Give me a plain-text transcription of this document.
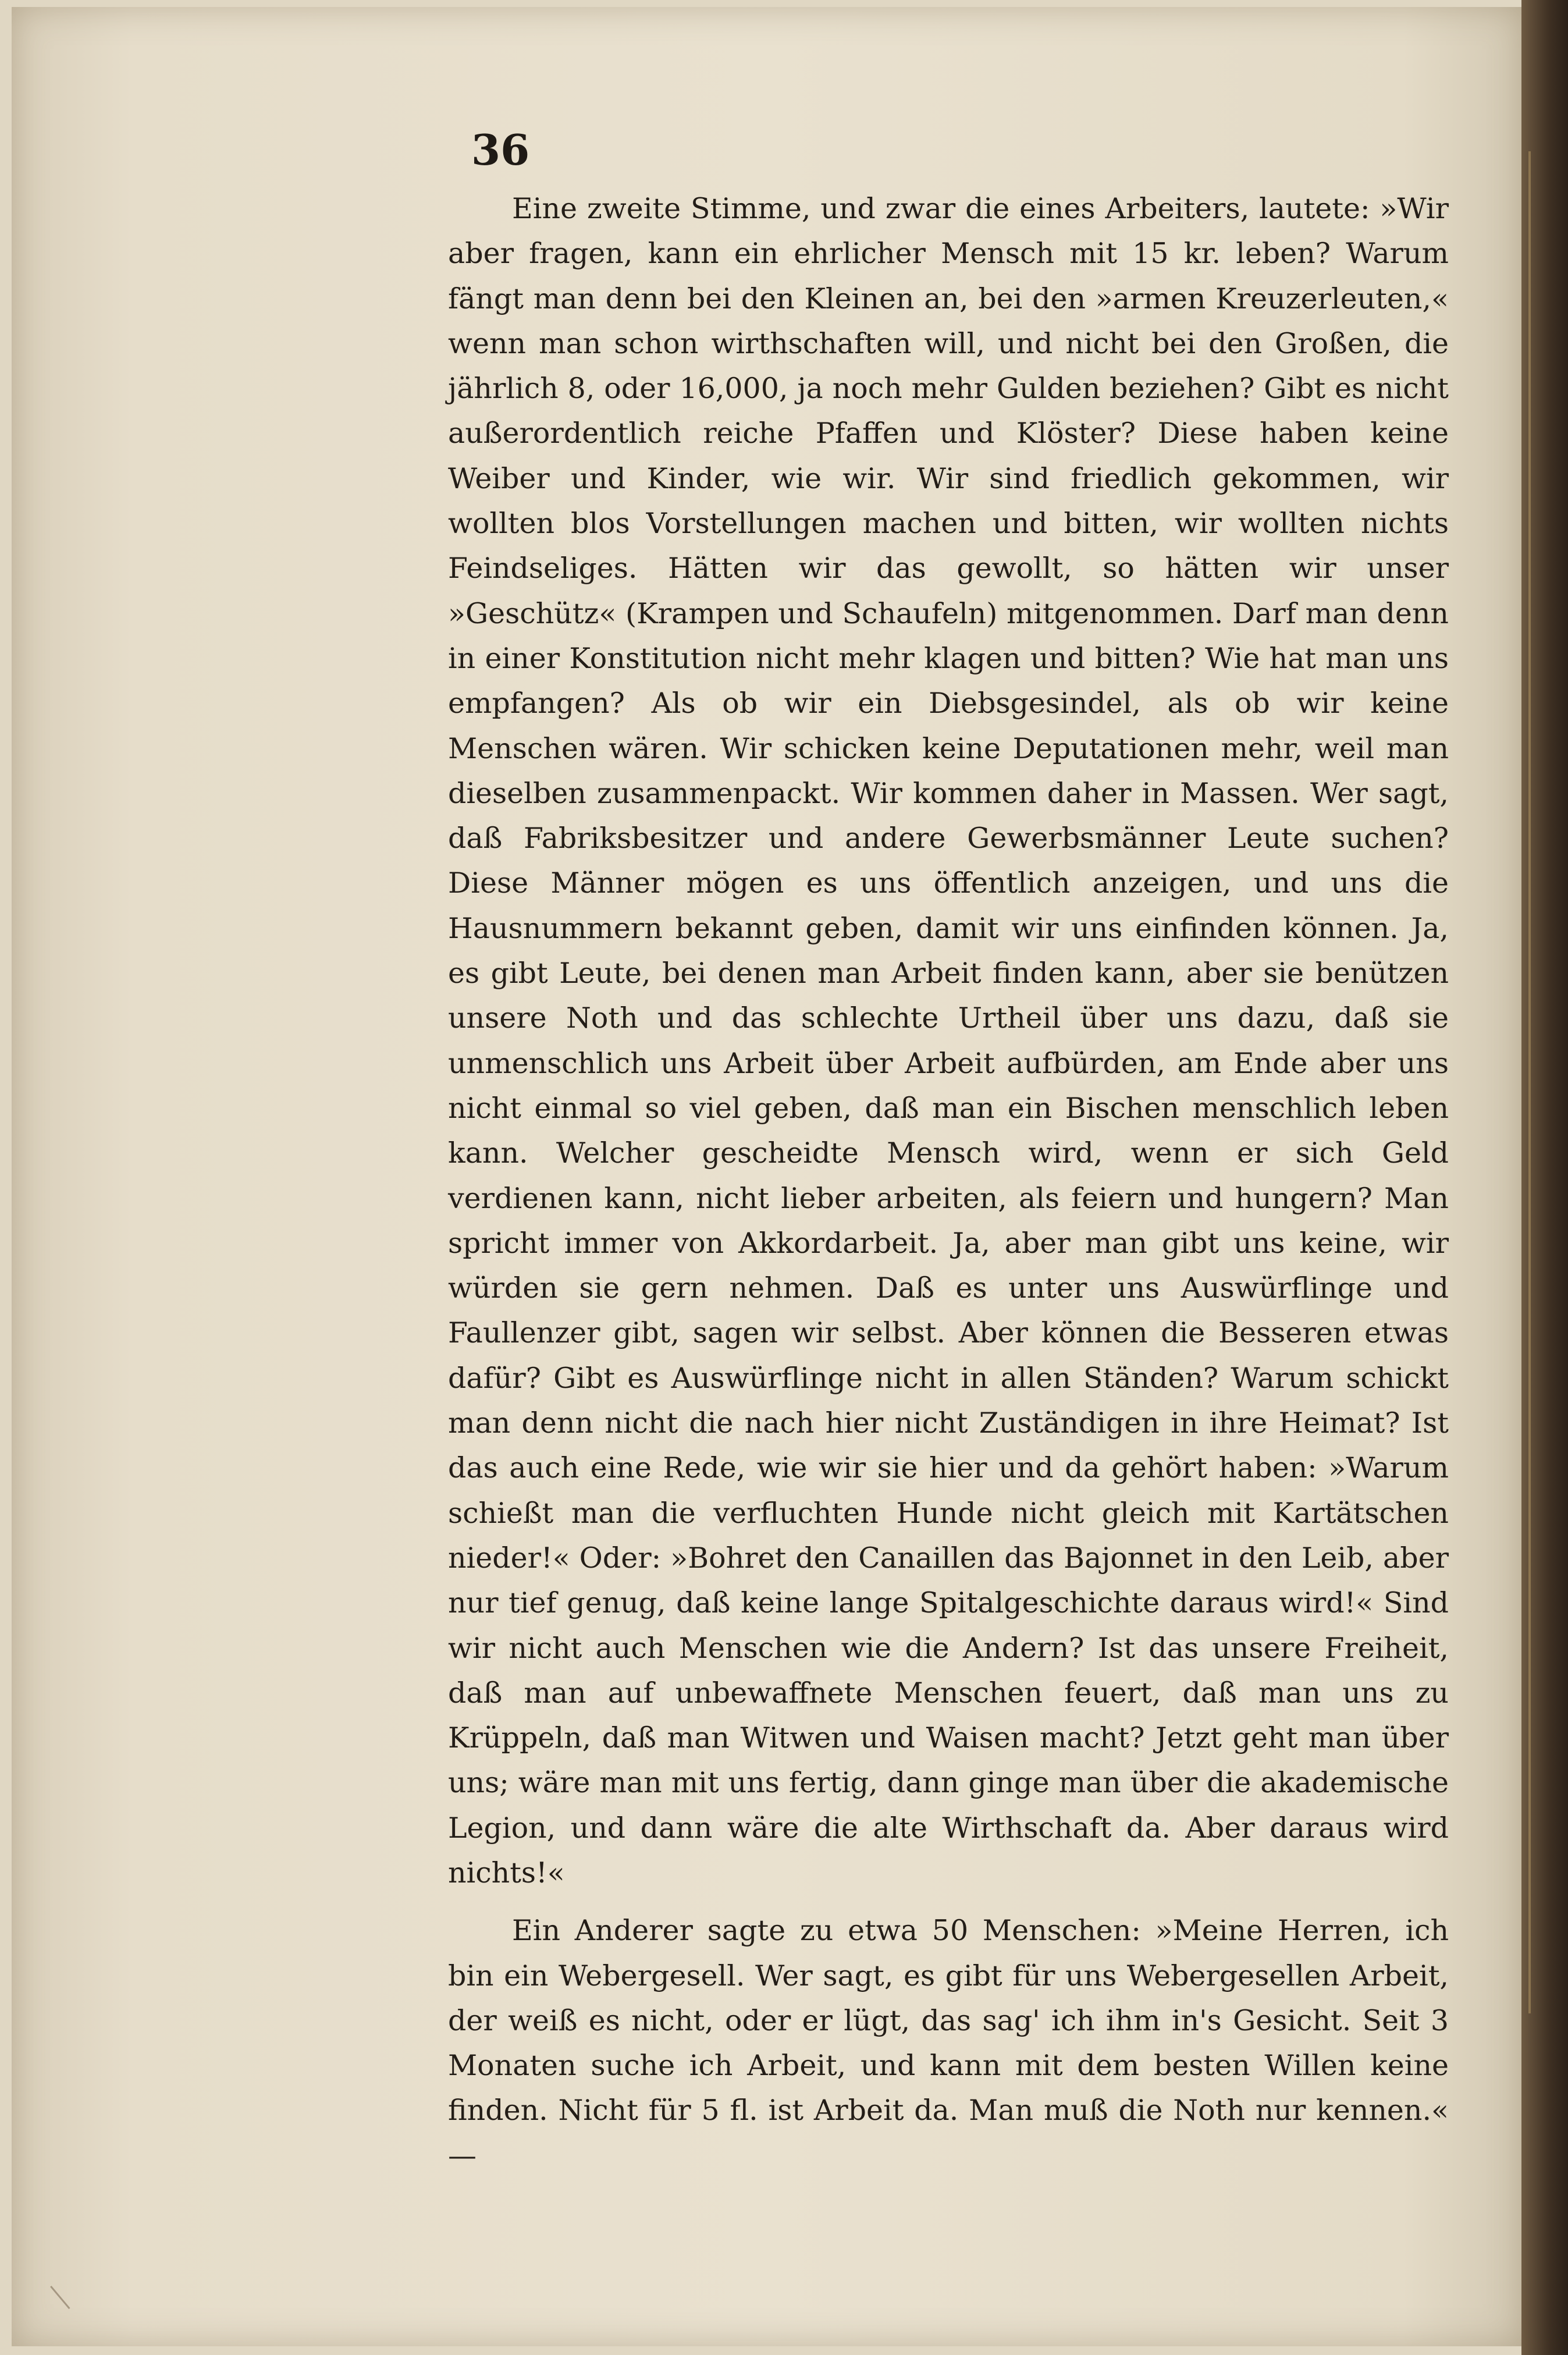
36

Eine zweite Stimme, und zwar die eines Arbeiters, lautete: »Wir aber fragen, kann ein ehrlicher Mensch mit 15 kr. leben? Warum fängt man denn bei den Kleinen an, bei den »armen Kreuzerleuten,« wenn man schon wirthschaften will, und nicht bei den Großen, die jährlich 8, oder 16,000, ja noch mehr Gulden beziehen? Gibt es nicht außerordentlich reiche Pfaffen und Klöster? Diese haben keine Weiber und Kinder, wie wir. Wir sind friedlich gekommen, wir wollten blos Vorstellungen machen und bitten, wir wollten nichts Feindseliges. Hätten wir das gewollt, so hätten wir unser »Geschütz« (Krampen und Schaufeln) mitgenommen. Darf man denn in einer Konstitution nicht mehr klagen und bitten? Wie hat man uns empfangen? Als ob wir ein Diebsgesindel, als ob wir keine Menschen wären. Wir schicken keine Deputationen mehr, weil man dieselben zusammenpackt. Wir kommen daher in Massen. Wer sagt, daß Fabriksbesitzer und andere Gewerbsmänner Leute suchen? Diese Männer mögen es uns öffentlich anzeigen, und uns die Hausnummern bekannt geben, damit wir uns einfinden können. Ja, es gibt Leute, bei denen man Arbeit finden kann, aber sie benützen unsere Noth und das schlechte Urtheil über uns dazu, daß sie unmenschlich uns Arbeit über Arbeit aufbürden, am Ende aber uns nicht einmal so viel geben, daß man ein Bischen menschlich leben kann. Welcher gescheidte Mensch wird, wenn er sich Geld verdienen kann, nicht lieber arbeiten, als feiern und hungern? Man spricht immer von Akkordarbeit. Ja, aber man gibt uns keine, wir würden sie gern nehmen. Daß es unter uns Auswürflinge und Faullenzer gibt, sagen wir selbst. Aber können die Besseren etwas dafür? Gibt es Auswürflinge nicht in allen Ständen? Warum schickt man denn nicht die nach hier nicht Zuständigen in ihre Heimat? Ist das auch eine Rede, wie wir sie hier und da gehört haben: »Warum schießt man die verfluchten Hunde nicht gleich mit Kartätschen nieder!« Oder: »Bohret den Canaillen das Bajonnet in den Leib, aber nur tief genug, daß keine lange Spitalgeschichte daraus wird!« Sind wir nicht auch Menschen wie die Andern? Ist das unsere Freiheit, daß man auf unbewaffnete Menschen feuert, daß man uns zu Krüppeln, daß man Witwen und Waisen macht? Jetzt geht man über uns; wäre man mit uns fertig, dann ginge man über die akademische Legion, und dann wäre die alte Wirthschaft da. Aber daraus wird nichts!«

Ein Anderer sagte zu etwa 50 Menschen: »Meine Herren, ich bin ein Webergesell. Wer sagt, es gibt für uns Webergesellen Arbeit, der weiß es nicht, oder er lügt, das sag' ich ihm in's Gesicht. Seit 3 Monaten suche ich Arbeit, und kann mit dem besten Willen keine finden. Nicht für 5 fl. ist Arbeit da. Man muß die Noth nur kennen.« —
